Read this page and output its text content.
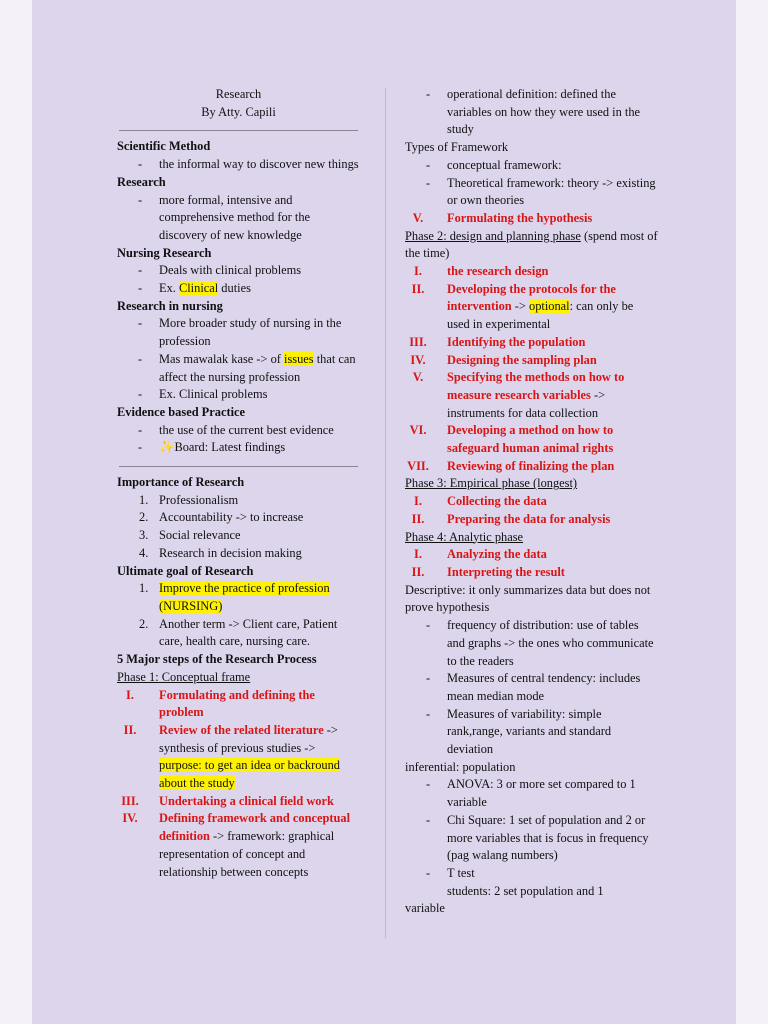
Research
By Atty. Capili
Scientific Method
- the informal way to discover new things
Research
- more formal, intensive and comprehensive method for the discovery of new knowledge
Nursing Research
- Deals with clinical problems
- Ex. Clinical duties
Research in nursing
- More broader study of nursing in the profession
- Mas mawalak kase -> of issues that can affect the nursing profession
- Ex. Clinical problems
Evidence based Practice
- the use of the current best evidence
- ✨Board: Latest findings
Importance of Research
1. Professionalism
2. Accountability -> to increase
3. Social relevance
4. Research in decision making
Ultimate goal of Research
1. Improve the practice of profession (NURSING)
2. Another term -> Client care, Patient care, health care, nursing care.
5 Major steps of the Research Process
Phase 1: Conceptual frame
I.	Formulating and defining the problem
II.	Review of the related literature -> synthesis of previous studies -> purpose: to get an idea or backround about the study
III.	Undertaking a clinical field work
IV.	Defining framework and conceptual definition -> framework: graphical representation of concept and relationship between concepts
- operational definition: defined the variables on how they were used in the study
Types of Framework
- conceptual framework:
- Theoretical framework: theory -> existing or own theories
V.	Formulating the hypothesis
Phase 2: design and planning phase (spend most of the time)
I.	the research design
II.	Developing the protocols for the intervention -> optional: can only be used in experimental
III.	Identifying the population
IV.	Designing the sampling plan
V.	Specifying the methods on how to measure research variables -> instruments for data collection
VI.	Developing a method on how to safeguard human animal rights
VII. Reviewing of finalizing the plan
Phase 3: Empirical phase (longest)
I.	Collecting the data
II.	Preparing the data for analysis
Phase 4: Analytic phase
I.	Analyzing the data
II.	Interpreting the result
Descriptive: it only summarizes data but does not prove hypothesis
- frequency of distribution: use of tables and graphs -> the ones who communicate to the readers
- Measures of central tendency: includes mean median mode
- Measures of variability: simple rank,range, variants and standard deviation
inferential: population
- ANOVA: 3 or more set compared to 1 variable
- Chi Square: 1 set of population and 2 or more variables that is focus in frequency (pag walang numbers)
- T test
students: 2 set population and 1
variable
